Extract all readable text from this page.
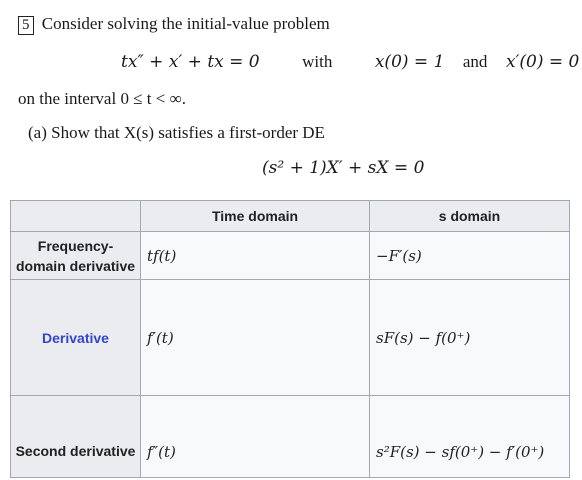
5 Consider solving the initial-value problem
tx″ + x′ + tx = 0	with	x(0) = 1 and x′(0) = 0
on the interval 0 ≤ t < ∞.
(a) Show that X(s) satisfies a first-order DE
(s² + 1)X′ + sX = 0
	Time domain	s domain
Frequency-
domain derivative	tf(t)	−F′(s)
Derivative	f′(t)	sF(s) − f(0⁺)
Second derivative	f″(t)	s²F(s) − sf(0⁺) − f′(0⁺)
